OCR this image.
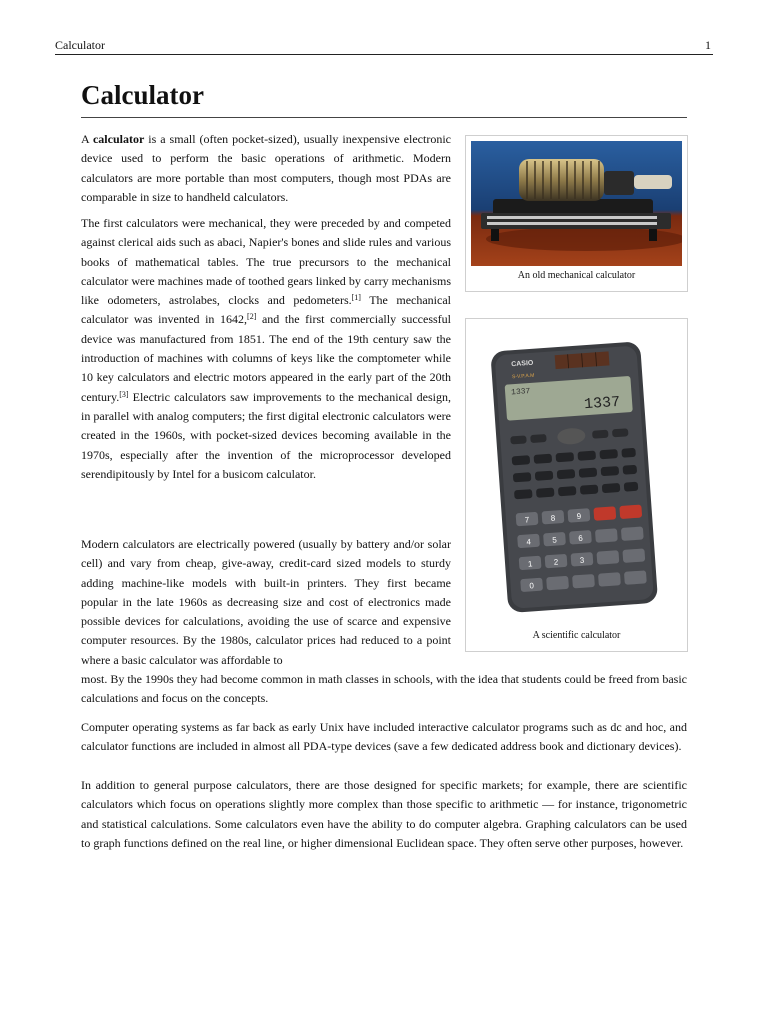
Calculator	1
Calculator

A calculator is a small (often pocket-sized), usually inexpensive electronic device used to perform the basic operations of arithmetic. Modern calculators are more portable than most computers, though most PDAs are comparable in size to handheld calculators.

The first calculators were mechanical, they were preceded by and competed against clerical aids such as abaci, Napier's bones and slide rules and various books of mathematical tables. The true precursors to the mechanical calculator were machines made of toothed gears linked by carry mechanisms like odometers, astrolabes, clocks and pedometers.[1] The mechanical calculator was invented in 1642,[2] and the first commercially successful device was manufactured from 1851. The end of the 19th century saw the introduction of machines with columns of keys like the comptometer while 10 key calculators and electric motors appeared in the early part of the 20th century.[3] Electric calculators saw improvements to the mechanical design, in parallel with analog computers; the first digital electronic calculators were created in the 1960s, with pocket-sized devices becoming available in the 1970s, especially after the invention of the microprocessor developed serendipitously by Intel for a busicom calculator.

Modern calculators are electrically powered (usually by battery and/or solar cell) and vary from cheap, give-away, credit-card sized models to sturdy adding machine-like models with built-in printers. They first became popular in the late 1960s as decreasing size and cost of electronics made possible devices for calculations, avoiding the use of scarce and expensive computer resources. By the 1980s, calculator prices had reduced to a point where a basic calculator was affordable to

most. By the 1990s they had become common in math classes in schools, with the idea that students could be freed from basic calculations and focus on the concepts.

Computer operating systems as far back as early Unix have included interactive calculator programs such as dc and hoc, and calculator functions are included in almost all PDA-type devices (save a few dedicated address book and dictionary devices).

In addition to general purpose calculators, there are those designed for specific markets; for example, there are scientific calculators which focus on operations slightly more complex than those specific to arithmetic — for instance, trigonometric and statistical calculations. Some calculators even have the ability to do computer algebra. Graphing calculators can be used to graph functions defined on the real line, or higher dimensional Euclidean space. They often serve other purposes, however.

An old mechanical calculator
CASIO
S-V.P.A.M
1337
1337
7	8	9
4	5	6
1	2	3
0
A scientific calculator
